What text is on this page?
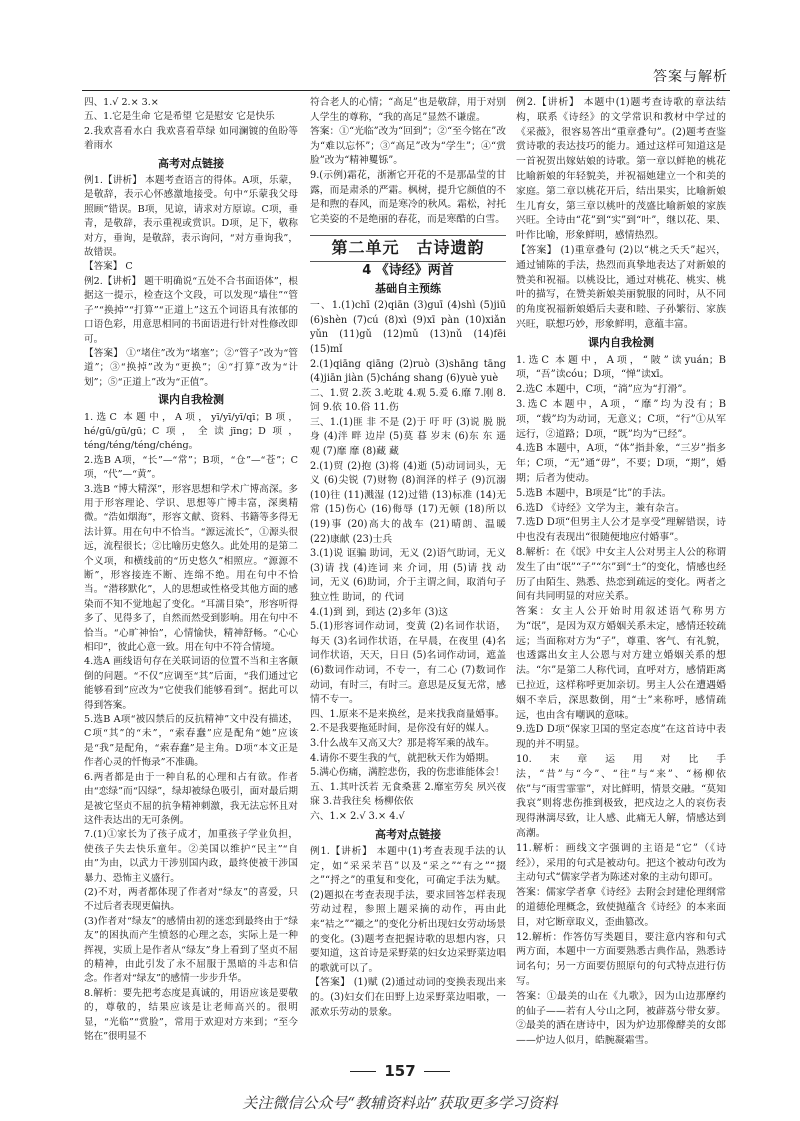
答案与解析

四、1.√ 2.× 3.×

五、1.它是生命 它是希望 它是慰安 它是快乐

2.我欢喜看水白 我欢喜看草绿 如同澜镀的鱼盼等着雨水

高考对点链接

例1.【讲析】 本题考查语言的得体。A项，乐蒙，是敬辞，表示心怀感激地接受。句中“乐蒙我父母照顾”错误。B项，见谅，请求对方原谅。C项，垂青，是敬辞，表示重视或赏识。D项，足下，敬称对方，垂询，是敬辞，表示询问，“对方垂询我”，故错误。

【答案】 C

例2.【讲析】 题干明确说“五处不合书面语体”，根据这一提示，检查这个文段，可以发现“墙住”“管子”“换掉”“打算”“正道上”这五个词语具有浓郁的口语色彩，用意思相同的书面语进行针对性修改即可。

【答案】 ①“堵住”改为“堵塞”；②“管子”改为“管道”；③“换掉”改为“更换”；④“打算”改为“计划”；⑤“正道上”改为“正值”。

课内自我检测

1.选C 本题中，A项，yī/yī/yī/qī；B项，hé/gū/gū/gū；C项，全读jīng；D项，téng/téng/téng/chéng。

2.选B A项，“长”—“常”；B项，“仓”—“苍”；C项，“代”—“黄”。

3.选B “博大精深”，形容思想和学术广博高深。多用于形容理论、学识、思想等广博丰富，深奥精微。“浩如烟海”，形容文献、资料、书籍等多得无法计算。用在句中不恰当。“源远流长”，①源头很远，流程很长；②比喻历史悠久。此处用的是第二个义项，和横线前的“历史悠久”相照应。“源源不断”，形容接连不断、连绵不绝。用在句中不恰当。“潜移默化”，人的思想或性格受其他方面的感染而不知不觉地起了变化。“耳濡目染”，形容听得多了、见得多了，自然而然受到影响。用在句中不恰当。“心旷神怡”，心情愉快，精神舒畅。“心心相印”，彼此心意一致。用在句中不符合情境。

4.选A 画线语句存在关联词语的位置不当和主客颠倒的问题。“不仅”应调至“其”后面，“我们通过它能够看到”应改为“它使我们能够看到”。据此可以得到答案。

5.选B A项“被囚禁后的反抗精神”文中没有描述，C项“其”的“未”，“索春蠢”应是配角“她”应该是“我”是配角，“索春蠢”是主角。D项“本文正是作者心灵的忏悔录”不准确。

6.两者都是由于一种自私的心理和占有欲。作者由“恋绿”而“囚绿”，绿却被绿色吸引，面对最后期是被它坚贞不屈的抗争精神刺激，我无法忘怀且对这件表达出的无可条例。

7.(1)①家长为了孩子成才，加重孩子学业负担，使孩子失去快乐童年。②美国以维护“民主”“自由”为由，以武力干涉别国内政，最终使被干涉国暴力、恐怖主义盛行。

(2)不对，两者都体现了作者对“绿友”的喜爱，只不过后者表现更偏执。

(3)作者对“绿友”的感情由初的迷恋到最终由于“绿友”的困执而产生愤怒的心理之态，实际上是一种挥视，实质上是作者从“绿友”身上看到了坚贞不屈的精神，由此引发了永不屈服于黑暗的斗志和信念。作者对“绿友”的感情一步步升华。

8.解析：要先把考态度是真诚的，用语应该是要敬的，尊敬的，结果应该是让老师高兴的。很明显，“光临”“赏脸”，常用于欢迎对方来到；“至今铭在”很明显不

符合老人的心情；“高足”也是敬辞，用于对别人学生的尊称，“我的高足”显然不谦虚。

答案：①“光临”改为“回到”；②“至今铭在”改为“难以忘怀”；③“高足”改为“学生”；④“赏脸”改为“精神矍铄”。

9.(示例)霜花，浙淅它开花的不是那晶莹的甘露，而是肃杀的严霜。枫树，提升它颜值的不是和煦的春风，而是寒冷的秋风。霜松，衬托它美姿的不是绝丽的春花，而是寒酷的白雪。

第二单元　古诗遗韵
4 《诗经》两首
基础自主预练

一、1.(1)chī (2)qiān (3)guī (4)shì (5)jiū (6)shèn (7)cú (8)xì (9)xī pàn (10)xiǎn yǔn (11)gǔ (12)mǔ (13)nǔ (14)fēi (15)mǐ

2.(1)qiāng qiāng (2)ruò (3)shāng tāng (4)jiān jiàn (5)cháng shang (6)yuè yuè

二、1.贸 2.茨 3.屹耽 4.观 5.爰 6.靡 7.刚 8.饲 9.依 10.俗 11.伤

三、1.(1)匪 非 不是 (2)于 吁 吁 (3)说 脱 脱身 (4)泮 畔 边岸 (5)莫 暮 岁末 (6)东 东 遥 观 (7)靡 靡 (8)藏 藏

2.(1)贸 (2)抱 (3)将 (4)逝 (5)动词词头，无义 (6)尖锐 (7)财物 (8)润泽的样子 (9)沉溺 (10)往 (11)溅湿 (12)过错 (13)标准 (14)无常 (15)伤心 (16)侮辱 (17)无顿 (18)所以 (19)事 (20)高大的战车 (21)晴朗、温暖 (22)康献 (23)士兵

3.(1)说 诓骗 助词，无义 (2)语气助词，无义 (3)请 找 (4)连词 来 介词，用 (5)请 找 动词，无义 (6)助词，介于主谓之间，取消句子独立性 助词，的 代词

4.(1)到 到，到达 (2)多年 (3)这

5.(1)形容词作动词，变黄 (2)名词作状语，每天 (3)名词作状语，在早晨，在夜里 (4)名词作状语，天天，日日 (5)名词作动词，遮盖 (6)数词作动词，不专一，有二心 (7)数词作动词，有时三，有时三。意思是反复无常，感情不专一。

四、1.原来不是来换丝，是来找我商量婚事。

2.不是我要拖延时间，是你没有好的媒人。

3.什么战车又高又大？那是将军乘的战车。

4.请你不要生我的气，就把秋天作为婚期。

5.满心伤痛，满腔悲伤，我的伤悲谁能体会！

五、1.其叶沃若 无食桑葚 2.靡室劳矣 夙兴夜寐 3.昔我往矣 杨柳依依

六、1.× 2.√ 3.× 4.√

高考对点链接

例1.【讲析】 本题中(1)考查表现手法的认定，如“采采芣苢”以及“采之”“有之”“掇之”“捋之”的重复和变化，可确定手法为赋。(2)题拟在考查表现手法，要求回答怎样表现劳动过程，参照上题采摘的动作，再由此来“袺之”“襭之”的变化分析出现妇女劳动场景的变化。(3)题考查把握诗歌的思想内容，只要知道，这首诗是采野菜的妇女边采野菜边唱的歌就可以了。

【答案】 (1)赋 (2)通过动词的变换表现出来的。(3)妇女们在田野上边采野菜边唱歌，一派欢乐劳动的景象。

例2.【讲析】 本题中(1)题考查诗歌的章法结构，联系《诗经》的文学常识和教材中学过的《采薇》，很容易答出“重章叠句”。(2)题考查鉴赏诗歌的表达技巧的能力。通过这样可知道这是一首祝贺出嫁姑娘的诗歌。第一章以鲜艳的桃花比喻新娘的年轻貌美，并祝福她建立一个和美的家庭。第二章以桃花开后，结出果实，比喻新娘生儿育女，第三章以桃叶的茂盛比喻新娘的家族兴旺。全诗由“花”到“实”到“叶”，继以花、果、叶作比喻，形象鲜明，感情热烈。

【答案】 (1)重章叠句 (2)以“桃之夭夭”起兴，通过铺陈的手法，热烈而真挚地表达了对新娘的赞美和祝福。以桃设比，通过对桃花、桃实、桃叶的描写，在赞美新娘美丽貌服的同时，从不同的角度祝福新娘婚后夫妻和睦、子孙繁衍、家族兴旺，联想巧妙，形象鲜明，意蕴丰富。

课内自我检测

1.选C 本题中，A项，“陂”读yuán；B项，“吾”读cóu；D项，“惮”读xī。

2.选C 本题中，C项，“淌”应为“打滑”。

3.选C 本题中，A项，“靡”均为没有；B项，“载”均为动词，无意义；C项，“行”①从军远行，②道路；D项，“既”均为“已经”。

4.选B 本题中，A项，“体”指卦象，“三岁”指多年；C项，“无”通“毋”，不要；D项，“期”，婚期；后者为使动。

5.选B 本题中，B项是“比”的手法。

6.选D 《诗经》文学为主，兼有杂言。

7.选D D项“但男主人公才是享受”理解错误，诗中也没有表现出“很随便地应付婚事”。

8.解析：在《氓》中女主人公对男主人公的称谓发生了由“氓”“子”“尔”到“士”的变化，情感也经历了由陌生、熟悉、热恋到疏远的变化。两者之间有共同明显的对应关系。

答案：女主人公开始时用叙述语气称男方为“氓”，是因为双方婚姻关系未定，感情还较疏远；当面称对方为“子”，尊重、客气、有礼貌，也透露出女主人公恩与对方建立婚姻关系的想法。“尔”是第二人称代词，直呼对方，感情距离已拉近，这样称呼更加亲切。男主人公在遭遇婚姻不幸后，深思数倒，用“士”来称呼，感情疏远，也由含有嘲讽的意味。

9.选D D项“保家卫国的坚定态度”在这首诗中表现的并不明显。

10.末章运用对比手法，“昔”与“今”、“往”与“来”、“杨柳依依”与“雨雪霏霏”，对比鲜明，情景交融。“莫知我哀”则将悲伤推到极致，把戍边之人的哀伤表现得淋漓尽致，让人感、此痛无人解，情感达到高潮。

11.解析：画线文字强调的主语是“它”（《诗经》），采用的句式是被动句。把这个被动句改为主动句式“儒家学者为陈述对象的主动句即可。

答案：儒家学者拿《诗经》去附会封建伦理纲常的道德伦理概念，致使抛蕴含《诗经》的本来面目，对它断章取义，歪曲篡改。

12.解析：作答仿写类题目，要注意内容和句式两方面，本题中一方面要熟悉古典作品，熟悉诗词名句；另一方面要仿照原句的句式特点进行仿写。

答案：①最美的山在《九歌》，因为山边那摩约的仙子——若有人兮山之阿，被薜荔兮带女萝。②最美的酒在唐诗中，因为炉边那像酵美的女郎——炉边人似月，皓腕凝霜雪。

157
关注微信公众号“教辅资料站”获取更多学习资料
